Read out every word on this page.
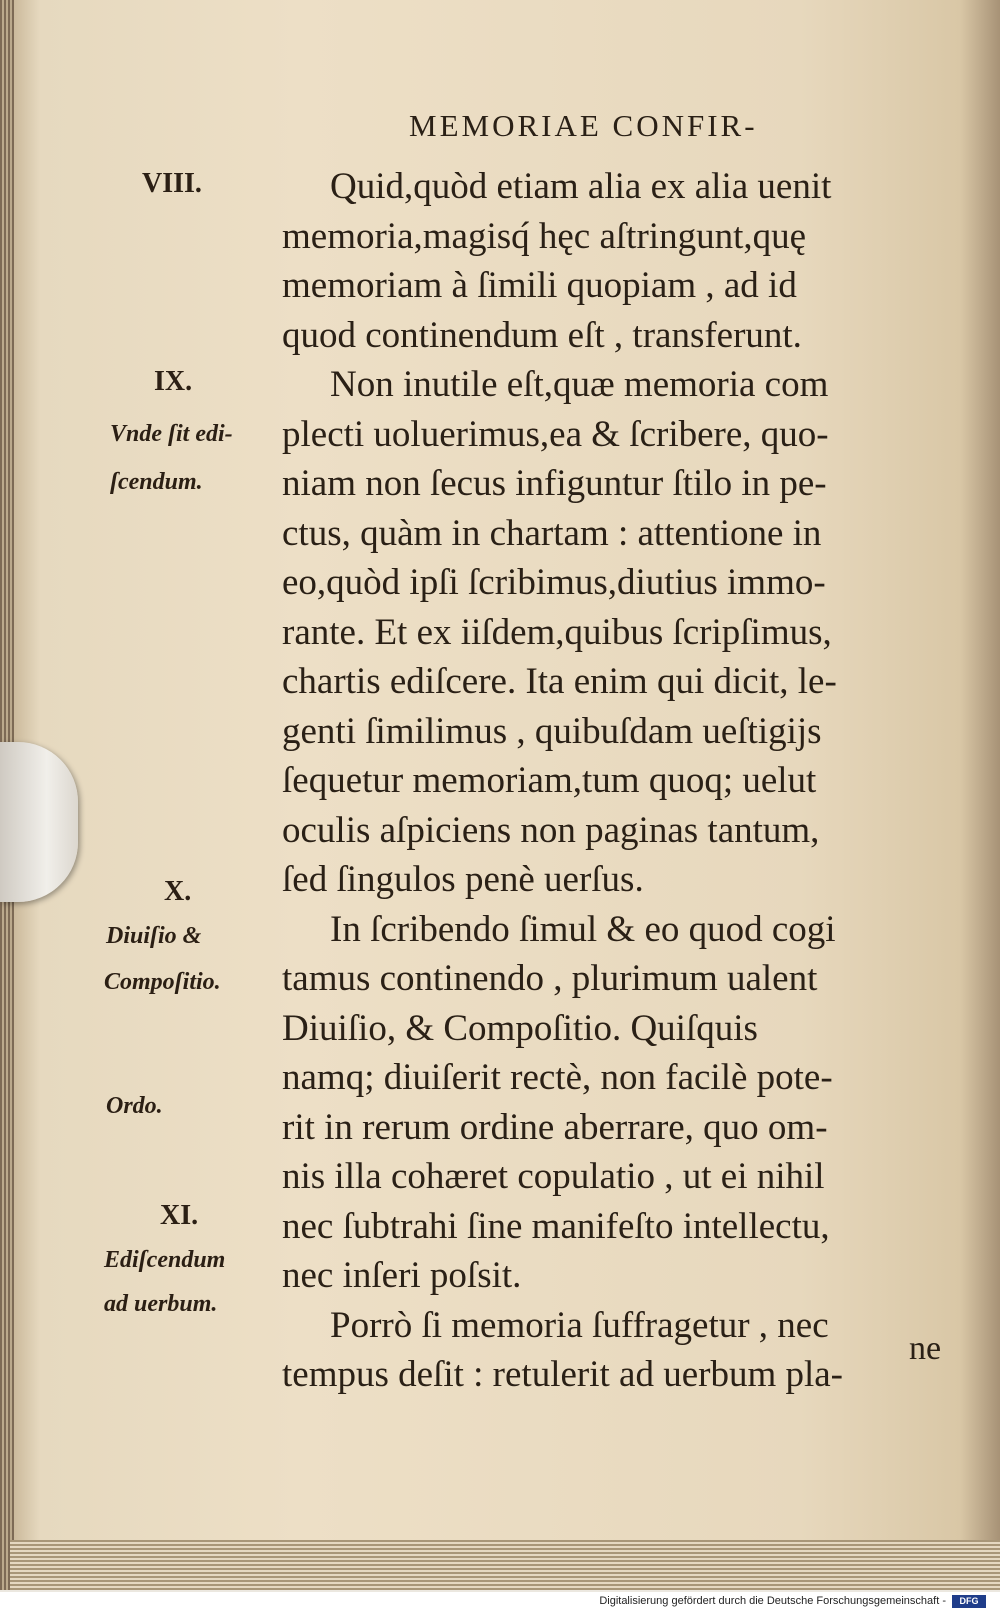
MEMORIAE CONFIR-
VIII.
IX.
Vnde ſit edi-
ſcendum.
X.
Diuiſio &
Compoſitio.
Ordo.
XI.
Ediſcendum
ad uerbum.
Quid,quòd etiam alia ex alia uenit
memoria,magisq́ hęc aſtringunt,quę
memoriam à ſimili quopiam , ad id
quod continendum eſt , transferunt.
Non inutile eſt,quæ memoria com
plecti uoluerimus,ea & ſcribere, quo-
niam non ſecus infiguntur ſtilo in pe-
ctus, quàm in chartam : attentione in
eo,quòd ipſi ſcribimus,diutius immo-
rante. Et ex iiſdem,quibus ſcripſimus,
chartis ediſcere. Ita enim qui dicit, le-
genti ſimilimus , quibuſdam ueſtigijs
ſequetur memoriam,tum quoq; uelut
oculis aſpiciens non paginas tantum,
ſed ſingulos penè uerſus.
In ſcribendo ſimul & eo quod cogi
tamus continendo , plurimum ualent
Diuiſio, & Compoſitio. Quiſquis
namq; diuiſerit rectè, non facilè pote-
rit in rerum ordine aberrare, quo om-
nis illa cohæret copulatio , ut ei nihil
nec ſubtrahi ſine manifeſto intellectu,
nec inſeri poſsit.
Porrò ſi memoria ſuffragetur , nec
tempus deſit : retulerit ad uerbum pla-
ne
Digitalisierung gefördert durch die Deutsche Forschungsgemeinschaft -	DFG
